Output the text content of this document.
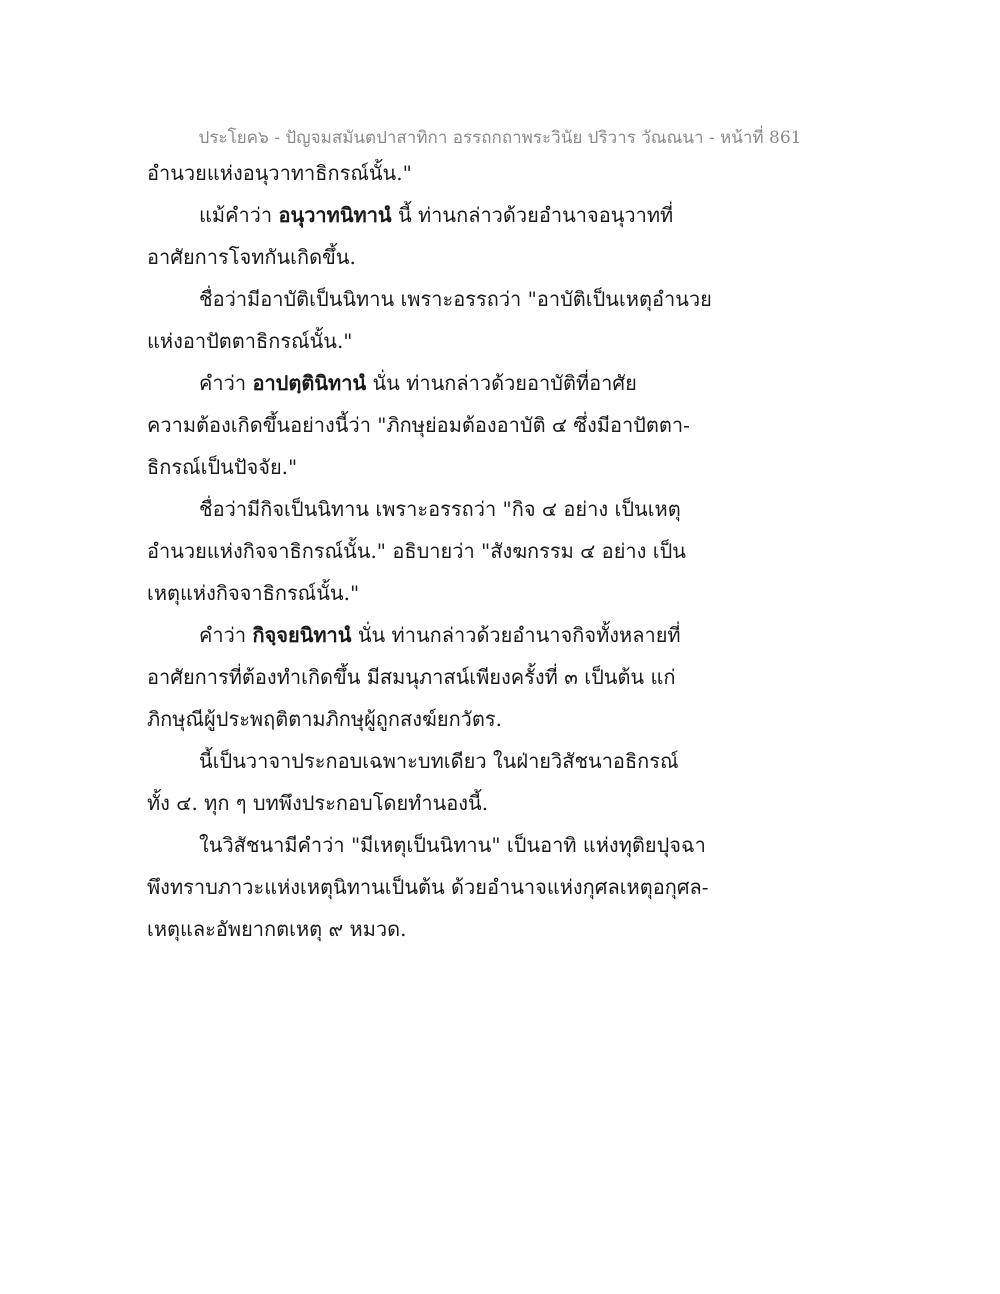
ประโยค๖ - ปัญจมสมันตปาสาทิกา อรรถกถาพระวินัย ปริวาร วัณณนา - หน้าที่ 861
อำนวยแห่งอนุวาทาธิกรณ์นั้น."
แม้คำว่า อนุวาทนิทานํ นี้ ท่านกล่าวด้วยอำนาจอนุวาทที่
อาศัยการโจทกันเกิดขึ้น.
ชื่อว่ามีอาบัติเป็นนิทาน เพราะอรรถว่า "อาบัติเป็นเหตุอำนวย
แห่งอาปัตตาธิกรณ์นั้น."
คำว่า อาปตฺตินิทานํ นั่น ท่านกล่าวด้วยอาบัติที่อาศัย
ความต้องเกิดขึ้นอย่างนี้ว่า "ภิกษุย่อมต้องอาบัติ ๔ ซึ่งมีอาปัตตา-
ธิกรณ์เป็นปัจจัย."
ชื่อว่ามีกิจเป็นนิทาน เพราะอรรถว่า "กิจ ๔ อย่าง เป็นเหตุ
อำนวยแห่งกิจจาธิกรณ์นั้น." อธิบายว่า "สังฆกรรม ๔ อย่าง เป็น
เหตุแห่งกิจจาธิกรณ์นั้น."
คำว่า กิจฺจยนิทานํ นั่น ท่านกล่าวด้วยอำนาจกิจทั้งหลายที่
อาศัยการที่ต้องทำเกิดขึ้น มีสมนุภาสน์เพียงครั้งที่ ๓ เป็นต้น แก่
ภิกษุณีผู้ประพฤติตามภิกษุผู้ถูกสงฆ์ยกวัตร.
นี้เป็นวาจาประกอบเฉพาะบทเดียว ในฝ่ายวิสัชนาอธิกรณ์
ทั้ง ๔. ทุก ๆ บทพึงประกอบโดยทำนองนี้.
ในวิสัชนามีคำว่า "มีเหตุเป็นนิทาน" เป็นอาทิ แห่งทุติยปุจฉา
พึงทราบภาวะแห่งเหตุนิทานเป็นต้น ด้วยอำนาจแห่งกุศลเหตุอกุศล-
เหตุและอัพยากตเหตุ ๙ หมวด.
